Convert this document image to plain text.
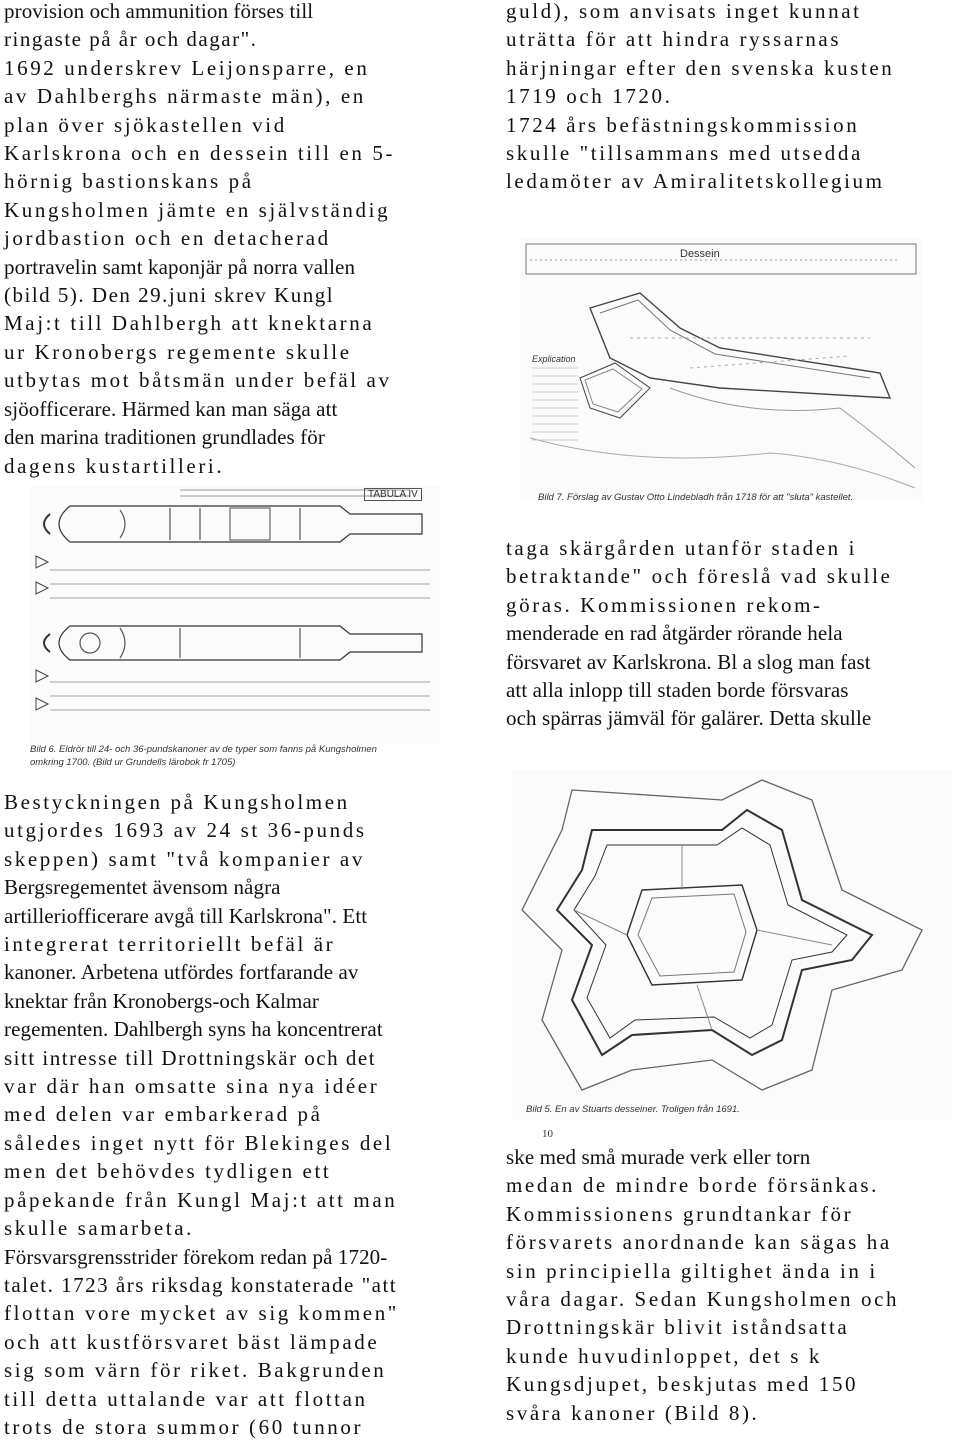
provision och ammunition förses till
ringaste på år och dagar".
1692 underskrev Leijonsparre, en
av Dahlberghs närmaste män), en
plan över sjökastellen vid
Karlskrona och en dessein till en 5-
hörnig bastionskans på
Kungsholmen jämte en självständig
jordbastion och en detacherad
portravelin samt kaponjär på norra vallen
(bild 5). Den 29.juni skrev Kungl
Maj:t till Dahlbergh att knektarna
ur Kronobergs regemente skulle
utbytas mot båtsmän under befäl av
sjöofficerare. Härmed kan man säga att
den marina traditionen grundlades för
dagens kustartilleri.
guld), som anvisats inget kunnat
uträtta för att hindra ryssarnas
härjningar efter den svenska kusten
1719 och 1720.
1724 års befästningskommission
skulle "tillsammans med utsedda
ledamöter av Amiralitetskollegium
Dessein
Explication
Bild 7. Förslag av Gustav Otto Lindebladh från 1718 för att "sluta" kastellet.
TABULA IV
Bild 6. Eldrör till 24- och 36-pundskanoner av de typer som fanns på Kungsholmen
omkring 1700. (Bild ur Grundells lärobok fr 1705)
taga skärgården utanför staden i
betraktande" och föreslå vad skulle
göras. Kommissionen rekom-
menderade en rad åtgärder rörande hela
försvaret av Karlskrona. Bl a slog man fast
att alla inlopp till staden borde försvaras
och spärras jämväl för galärer. Detta skulle
Bestyckningen på Kungsholmen
utgjordes 1693 av 24 st 36-punds
skeppen) samt "två kompanier av
Bergsregementet ävensom några
artilleriofficerare avgå till Karlskrona". Ett
integrerat territoriellt befäl är
kanoner. Arbetena utfördes fortfarande av
knektar från Kronobergs-och Kalmar
regementen. Dahlbergh syns ha koncentrerat
sitt intresse till Drottningskär och det
var där han omsatte sina nya idéer
med delen var embarkerad på
således inget nytt för Blekinges del
men det behövdes tydligen ett
påpekande från Kungl Maj:t att man
skulle samarbeta.
Försvarsgrensstrider förekom redan på 1720-
talet. 1723 års riksdag konstaterade "att
flottan vore mycket av sig kommen"
och att kustförsvaret bäst lämpade
sig som värn för riket. Bakgrunden
till detta uttalande var att flottan
trots de stora summor (60 tunnor
Bild 5. En av Stuarts desseiner. Troligen från 1691.
10
ske med små murade verk eller torn
medan de mindre borde försänkas.
Kommissionens grundtankar för
försvarets anordnande kan sägas ha
sin principiella giltighet ända in i
våra dagar. Sedan Kungsholmen och
Drottningskär blivit iståndsatta
kunde huvudinloppet, det s k
Kungsdjupet, beskjutas med 150
svåra kanoner (Bild 8).
